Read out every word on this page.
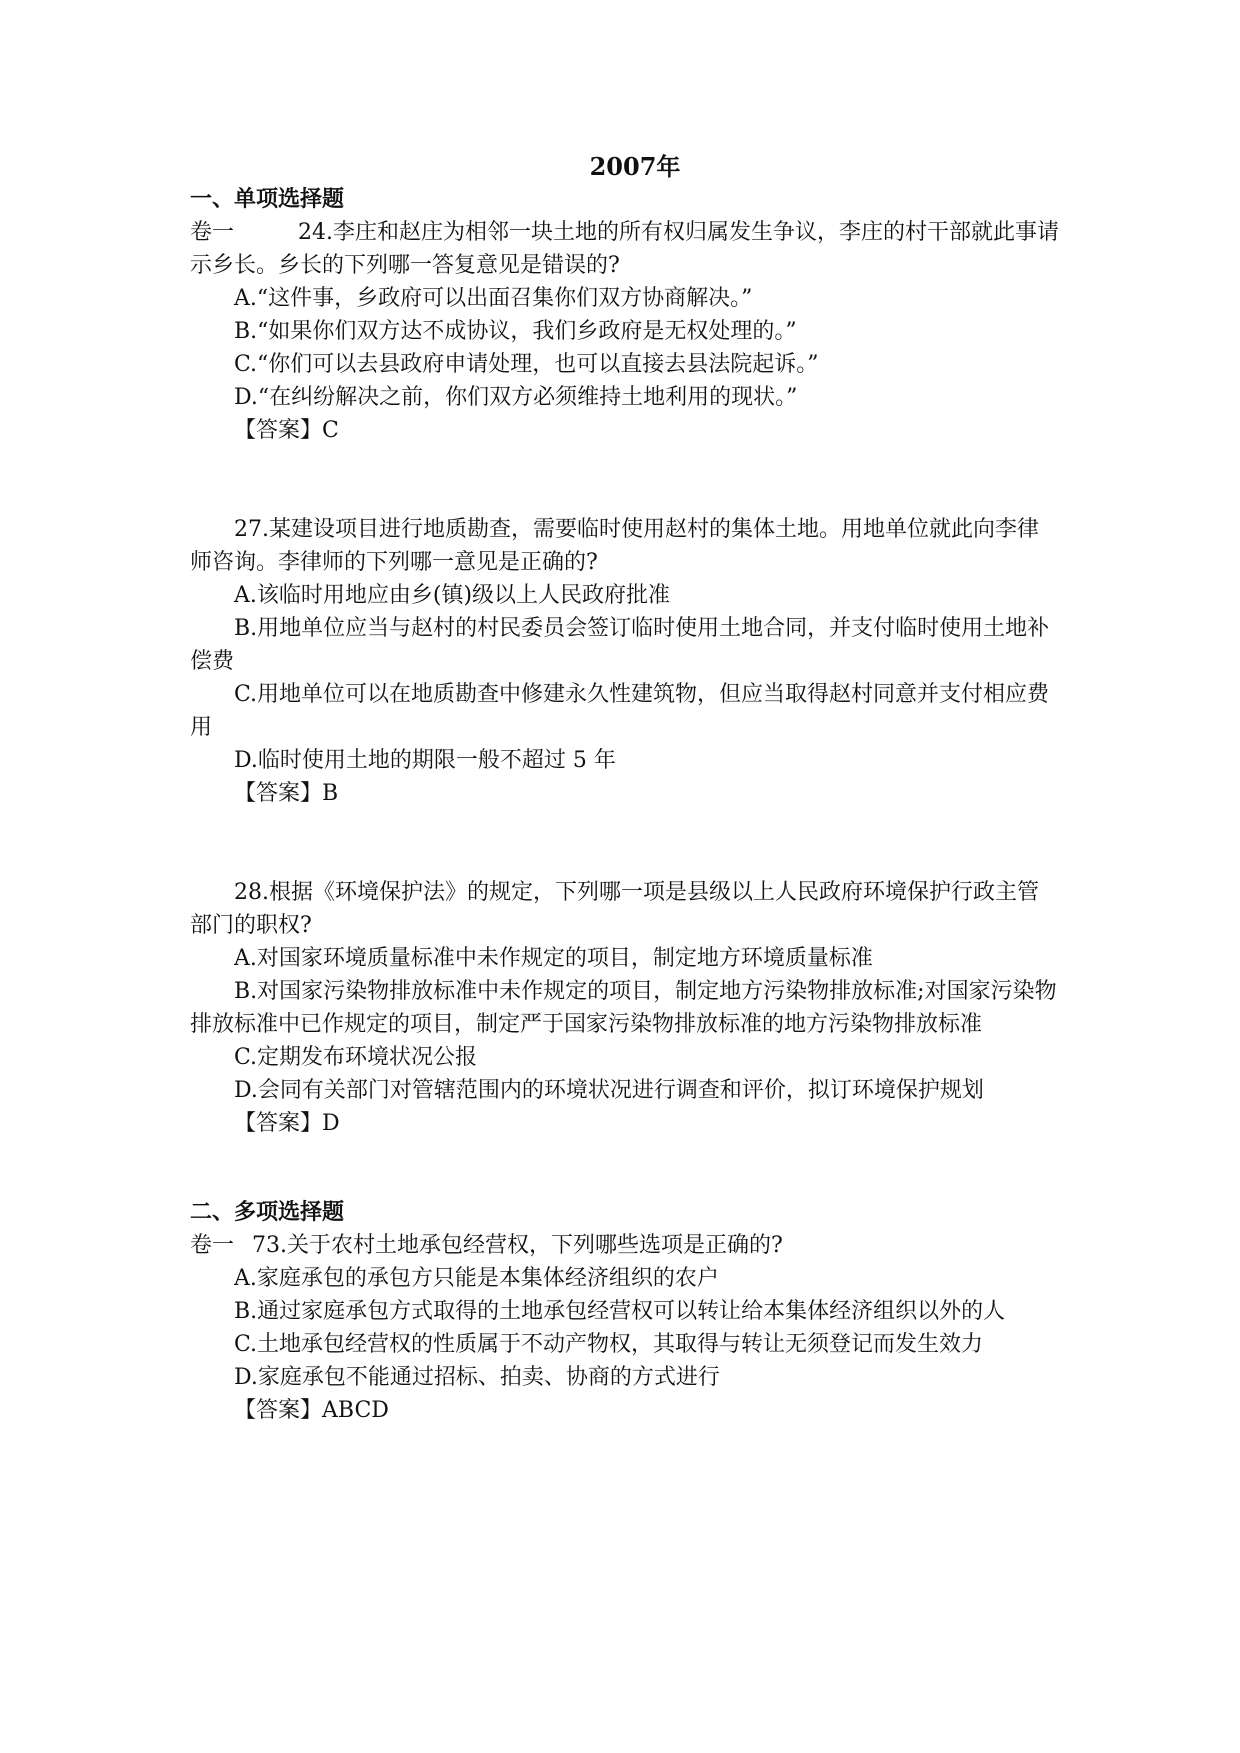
2007年
一、单项选择题
卷一	24.李庄和赵庄为相邻一块土地的所有权归属发生争议，李庄的村干部就此事请示乡长。乡长的下列哪一答复意见是错误的?
A.“这件事，乡政府可以出面召集你们双方协商解决。”
B.“如果你们双方达不成协议，我们乡政府是无权处理的。”
C.“你们可以去县政府申请处理，也可以直接去县法院起诉。”
D.“在纠纷解决之前，你们双方必须维持土地利用的现状。”
【答案】C
27.某建设项目进行地质勘查，需要临时使用赵村的集体土地。用地单位就此向李律师咨询。李律师的下列哪一意见是正确的?
A.该临时用地应由乡(镇)级以上人民政府批准
B.用地单位应当与赵村的村民委员会签订临时使用土地合同，并支付临时使用土地补偿费
C.用地单位可以在地质勘查中修建永久性建筑物，但应当取得赵村同意并支付相应费用
D.临时使用土地的期限一般不超过 5 年
【答案】B
28.根据《环境保护法》的规定，下列哪一项是县级以上人民政府环境保护行政主管部门的职权?
A.对国家环境质量标准中未作规定的项目，制定地方环境质量标准
B.对国家污染物排放标准中未作规定的项目，制定地方污染物排放标准;对国家污染物排放标准中已作规定的项目，制定严于国家污染物排放标准的地方污染物排放标准
C.定期发布环境状况公报
D.会同有关部门对管辖范围内的环境状况进行调查和评价，拟订环境保护规划
【答案】D
二、多项选择题
卷一 73.关于农村土地承包经营权，下列哪些选项是正确的?
A.家庭承包的承包方只能是本集体经济组织的农户
B.通过家庭承包方式取得的土地承包经营权可以转让给本集体经济组织以外的人
C.土地承包经营权的性质属于不动产物权，其取得与转让无须登记而发生效力
D.家庭承包不能通过招标、拍卖、协商的方式进行
【答案】ABCD
